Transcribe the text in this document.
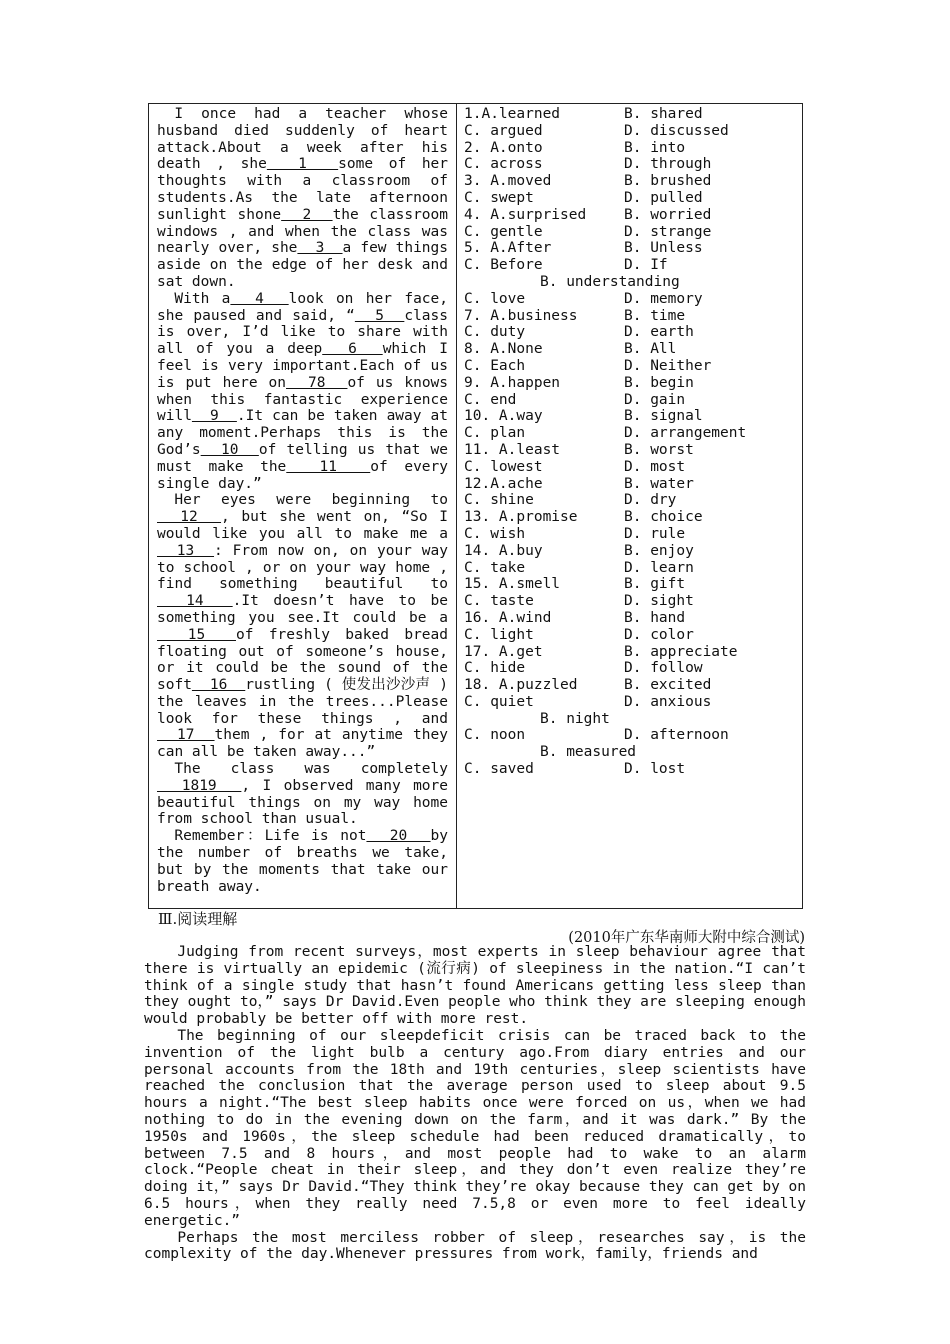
I once had a teacher whose husband died suddenly of heart attack.About a week after his death , she  1  some of her thoughts with a classroom of students.As the late afternoon sunlight shone  2  the classroom windows , and when the class was nearly over, she  3  a few things aside on the edge of her desk and sat down.

With a  4  look on her face, she paused and said, “  5  class is over, I’d like to share with all of you a deep  6  which I feel is very important.Each of us is put here on  78  of us knows when this fantastic experience will  9  .It can be taken away at any moment.Perhaps this is the God’s  10  of telling us that we must make the  11  of every single day.”

Her eyes were beginning to  12  , but she went on, “So I would like you all to make me a  13  : From now on, on your way to school , or on your way home , find something beautiful to  14  .It doesn’t have to be something you see.It could be a  15  of freshly baked bread floating out of someone’s house, or it could be the sound of the soft  16  rustling ( 使发出沙沙声 ) the leaves in the trees...Please look for these things , and  17  them , for at anytime they can all be taken away...”

The class was completely  1819  , I observed many more beautiful things on my way home from school than usual.

Remember：Life is not  20  by the number of breaths we take, but by the moments that take our breath away.

1.A.learned	B. shared
C. argued	D. discussed
2. A.onto	B. into
C. across	D. through
3. A.moved	B. brushed
C. swept	D. pulled
4. A.surprised	B. worried
C. gentle	D. strange
5. A.After	B. Unless
C. Before	D. If
B. understanding
C. love	D. memory
7. A.business	B. time
C. duty	D. earth
8. A.None	B. All
C. Each	D. Neither
9. A.happen	B. begin
C. end	D. gain
10. A.way	B. signal
C. plan	D. arrangement
11. A.least	B. worst
C. lowest	D. most
12.A.ache	B. water
C. shine	D. dry
13. A.promise	B. choice
C. wish	D. rule
14. A.buy	B. enjoy
C. take	D. learn
15. A.smell	B. gift
C. taste	D. sight
16. A.wind	B. hand
C. light	D. color
17. A.get	B. appreciate
C. hide	D. follow
18. A.puzzled	B. excited
C. quiet	D. anxious
B. night
C. noon	D. afternoon
B. measured
C. saved	D. lost
Ⅲ.阅读理解
(2010年广东华南师大附中综合测试)

Judging from recent surveys，most experts in sleep behaviour agree that there is virtually an epidemic (流行病) of sleepiness in the nation.“I can’t think of a single study that hasn’t found Americans getting less sleep than they ought to，” says Dr David.Even people who think they are sleeping enough would probably be better off with more rest.

The beginning of our sleepdeficit crisis can be traced back to the invention of the light bulb a century ago.From diary entries and our personal accounts from the 18th and 19th centuries，sleep scientists have reached the conclusion that the average person used to sleep about 9.5 hours a night.“The best sleep habits once were forced on us，when we had nothing to do in the evening down on the farm，and it was dark.” By the 1950s and 1960s，the sleep schedule had been reduced dramatically，to between 7.5 and 8 hours，and most people had to wake to an alarm clock.“People cheat in their sleep，and they don’t even realize they’re doing it，” says Dr David.“They think they’re okay because they can get by on 6.5 hours，when they really need 7.5,8 or even more to feel ideally energetic.”

Perhaps the most merciless robber of sleep，researches say，is the complexity of the day.Whenever pressures from work，family，friends and
